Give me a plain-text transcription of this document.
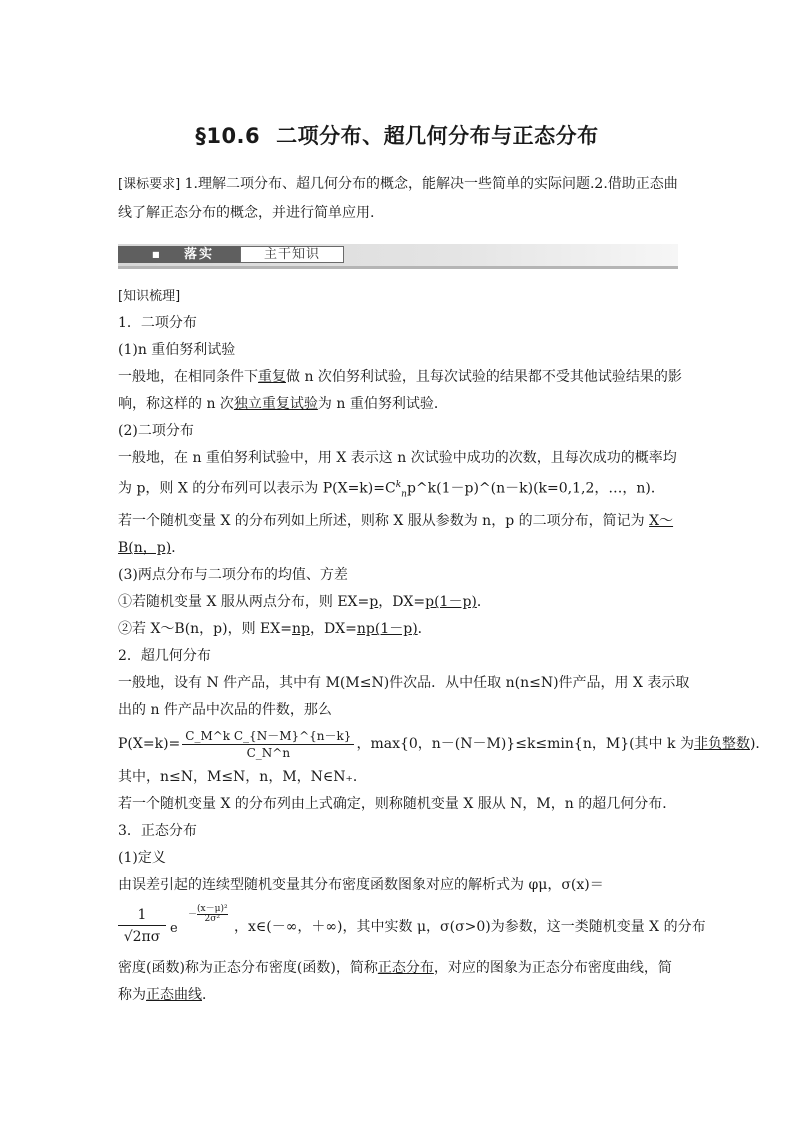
§10.6 二项分布、超几何分布与正态分布
[课标要求] 1.理解二项分布、超几何分布的概念，能解决一些简单的实际问题.2.借助正态曲线了解正态分布的概念，并进行简单应用.
■ 落实	主干知识

[知识梳理]

1．二项分布

(1)n 重伯努利试验

一般地，在相同条件下重复做 n 次伯努利试验，且每次试验的结果都不受其他试验结果的影

响，称这样的 n 次独立重复试验为 n 重伯努利试验．

(2)二项分布

一般地，在 n 重伯努利试验中，用 X 表示这 n 次试验中成功的次数，且每次成功的概率均

为 p，则 X 的分布列可以表示为 $P(X=k)=C^k_np\^{}k(1-p)\^{}(n-k)(k=0,1,2$，…，n)．

若一个随机变量 X 的分布列如上所述，则称 X 服从参数为 n，p 的二项分布，简记为 X～

B(n，p)．

(3)两点分布与二项分布的均值、方差

①若随机变量 X 服从两点分布，则 EX=p，DX=p(1－p)．

②若 X～B(n，p)，则 EX=np，DX=np(1－p)．

2．超几何分布

一般地，设有 N 件产品，其中有 M(M≤N)件次品．从中任取 n(n≤N)件产品，用 X 表示取

出的 n 件产品中次品的件数，那么

$P(X=k)= \frac{\text{C\_M\textasciicircum{}k C\_\{N－M\}\textasciicircum{}\{n－k\}}}{C\_N\^{}n}$ ，max{0，n－(N－M)}≤k≤min{n，M}(其中 k 为非负整数)．

其中，n≤N，M≤N，n，M，N∈N₊．

若一个随机变量 X 的分布列由上式确定，则称随机变量 X 服从 N，M，n 的超几何分布．

3．正态分布

(1)定义

由误差引起的连续型随机变量其分布密度函数图象对应的解析式为 φμ，σ(x)＝

1
√2πσ
e
－ $\frac{\text{(x－μ)²}}{\text{2σ²}}$
，x∈(－∞，＋∞)，其中实数 μ，σ(σ>0)为参数，这一类随机变量 X 的分布

密度(函数)称为正态分布密度(函数)，简称正态分布，对应的图象为正态分布密度曲线，简

称为正态曲线．
